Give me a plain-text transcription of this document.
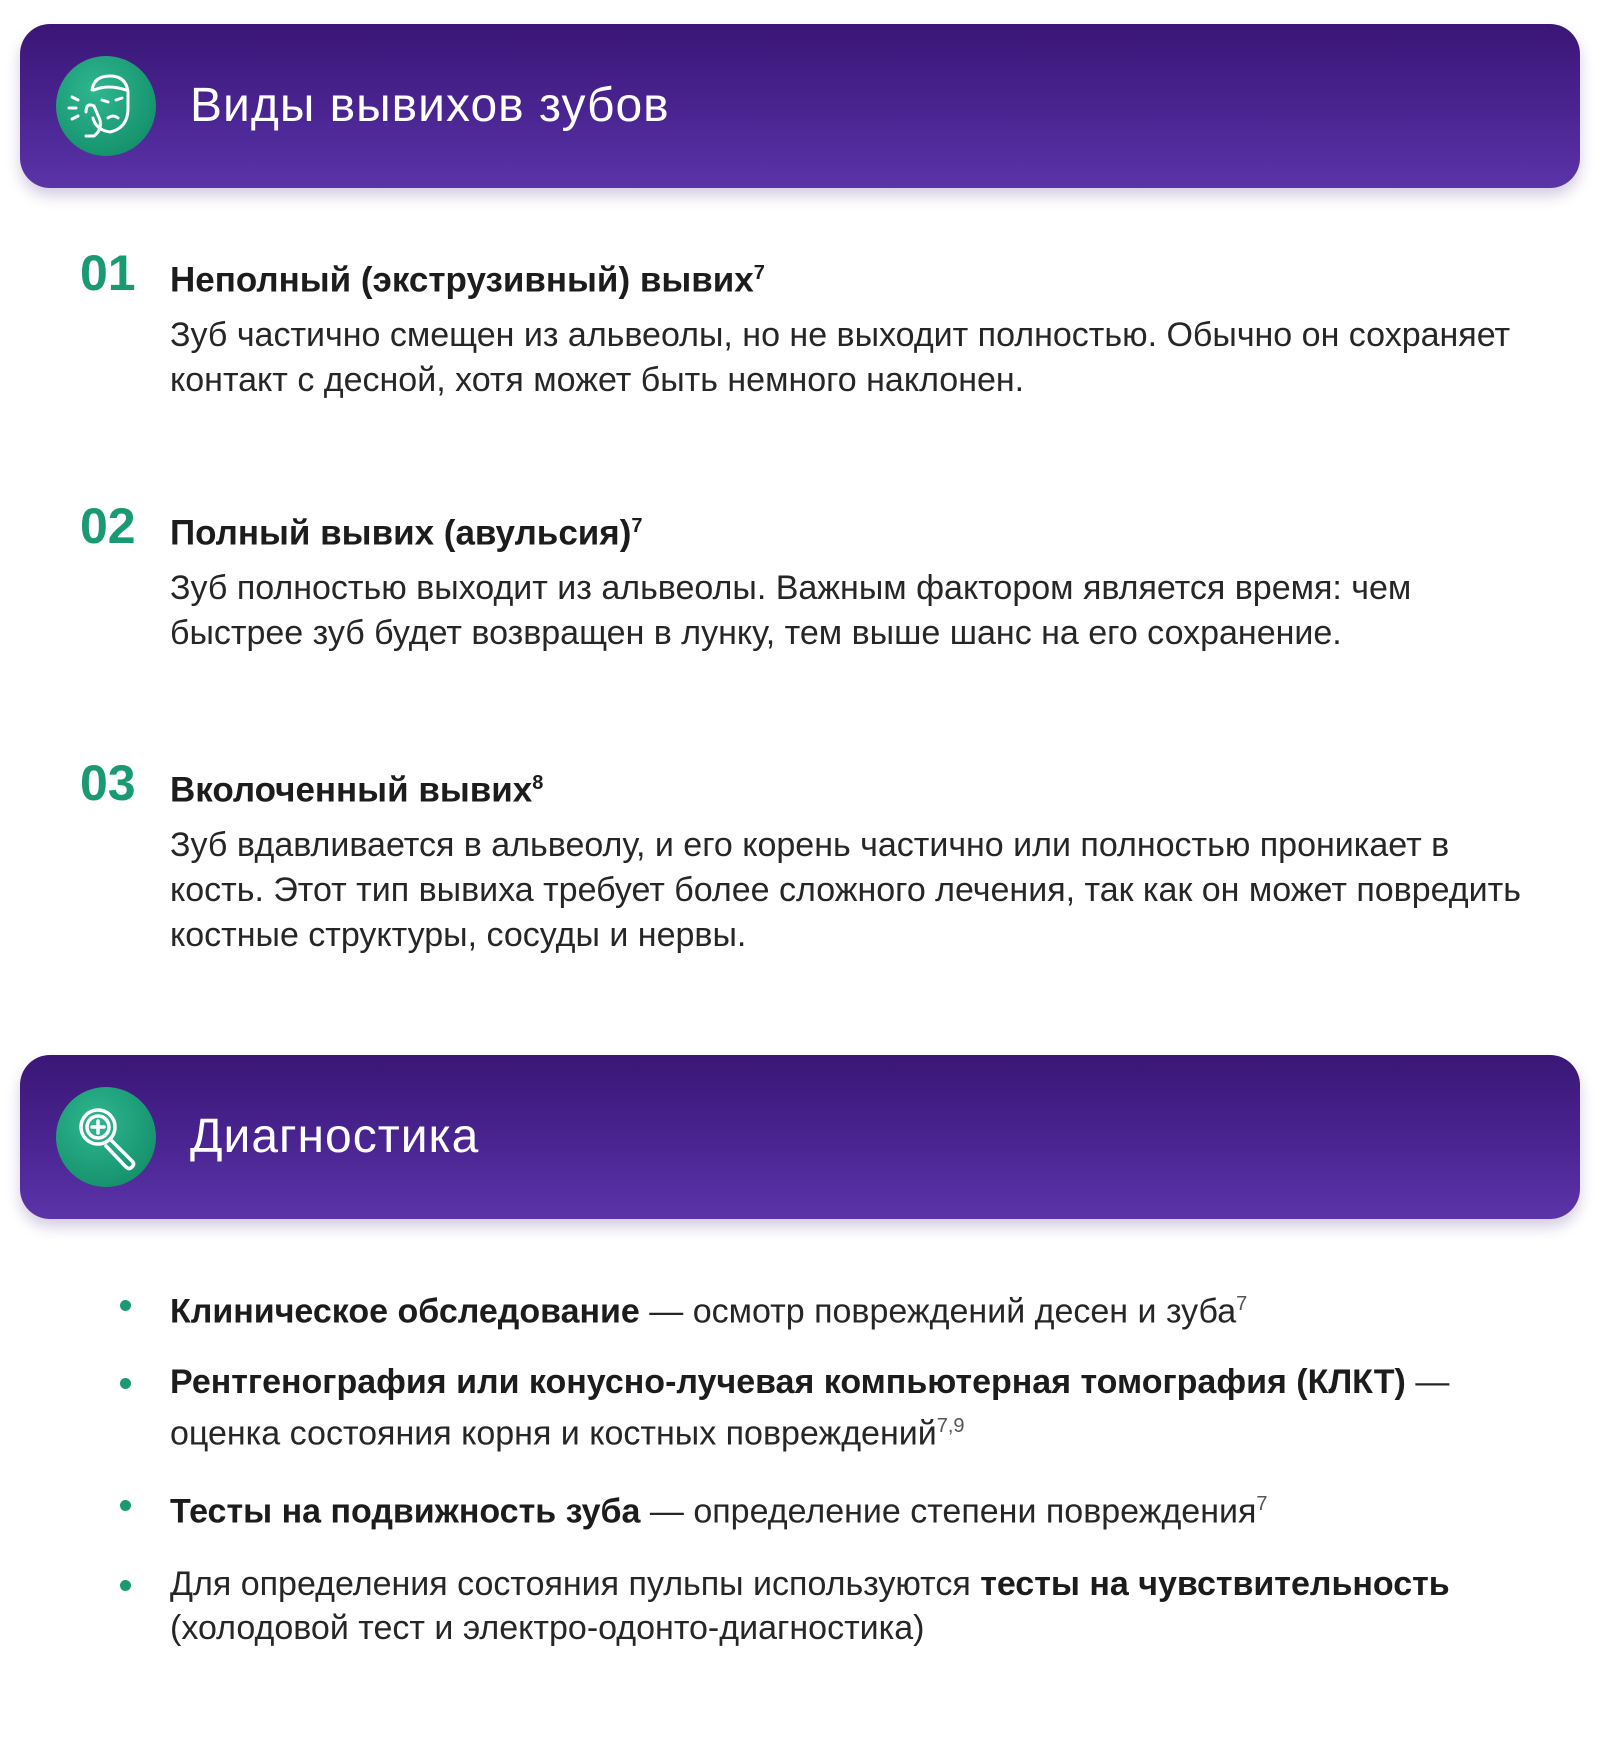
Виды вывихов зубов
01 Неполный (экструзивный) вывих$^7$
Зуб частично смещен из альвеолы, но не выходит полностью. Обычно он сохраняет контакт с десной, хотя может быть немного наклонен.
02 Полный вывих (авульсия)$^7$
Зуб полностью выходит из альвеолы. Важным фактором является время: чем быстрее зуб будет возвращен в лунку, тем выше шанс на его сохранение.
03 Вколоченный вывих$^8$
Зуб вдавливается в альвеолу, и его корень частично или полностью проникает в кость. Этот тип вывиха требует более сложного лечения, так как он может повредить костные структуры, сосуды и нервы.
Диагностика
Клиническое обследование — осмотр повреждений десен и зуба$^7$
Рентгенография или конусно-лучевая компьютерная томография (КЛКТ) — оценка состояния корня и костных повреждений$^{7,9}$
Тесты на подвижность зуба — определение степени повреждения$^7$
Для определения состояния пульпы используются тесты на чувствительность (холодовой тест и электро-одонто-диагностика)
